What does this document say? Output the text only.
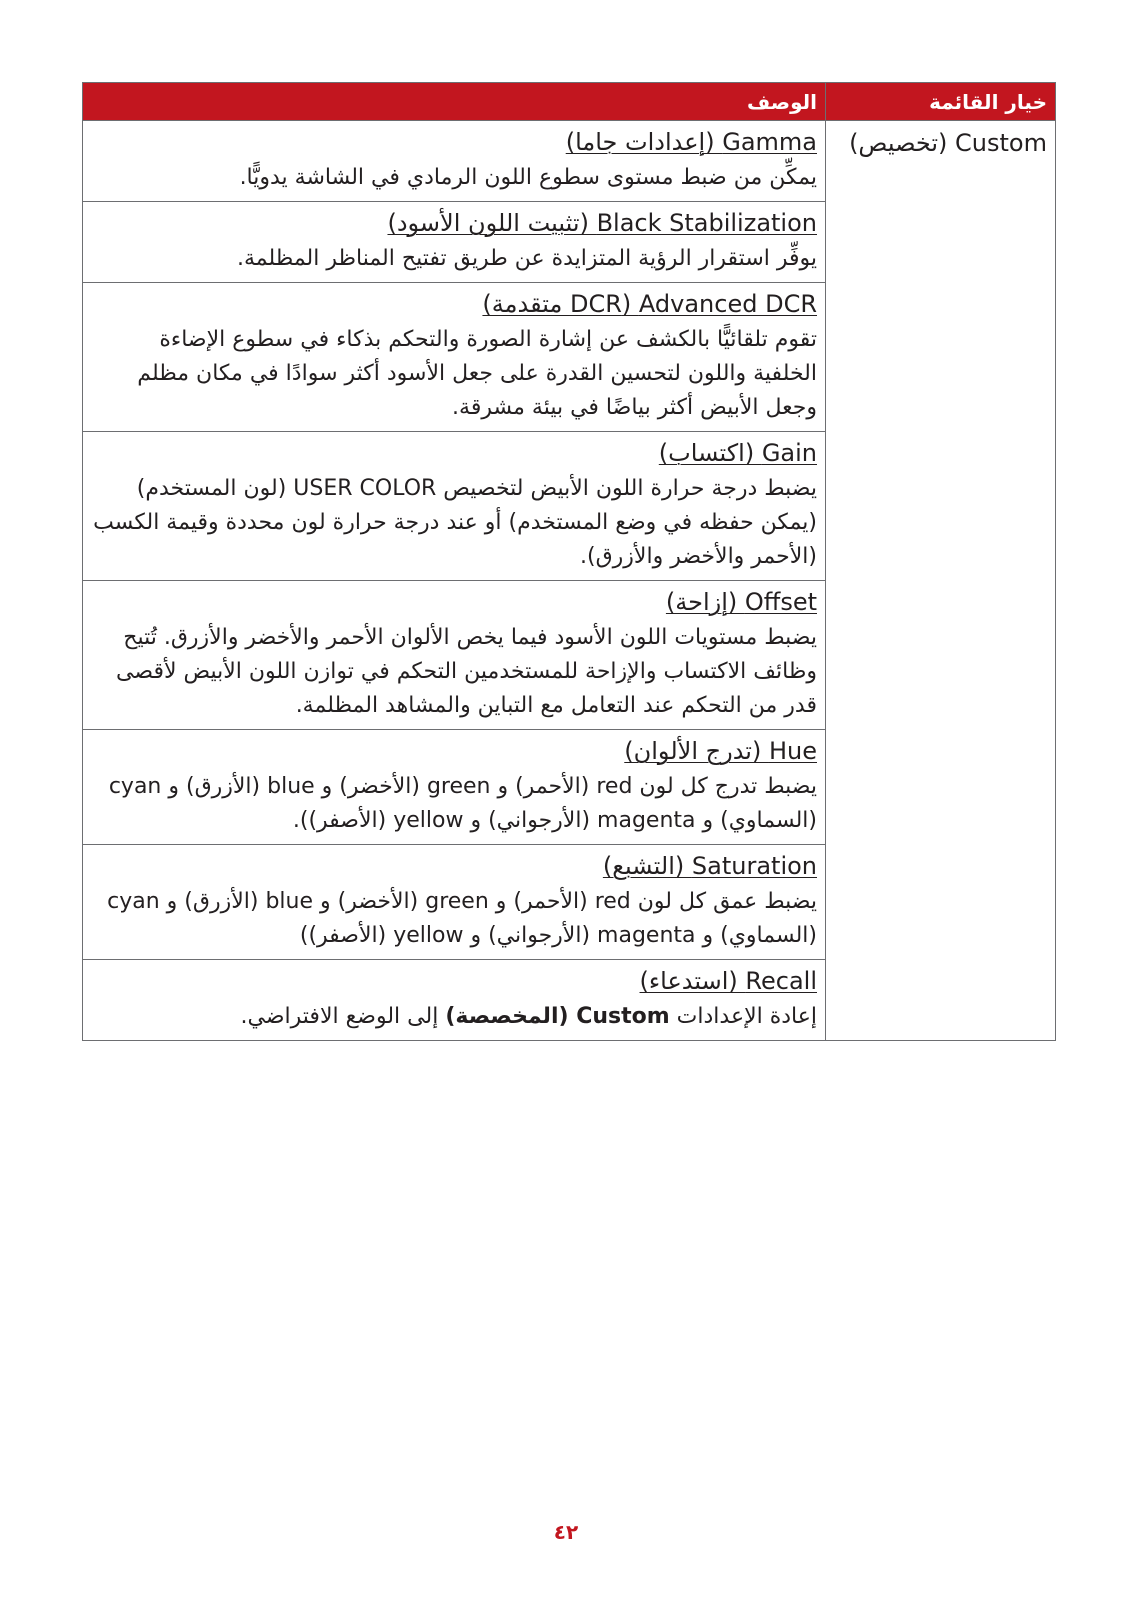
خيار القائمة
Custom (تخصيص)
الوصف
Gamma (إعدادات جاما)
يمكِّن من ضبط مستوى سطوع اللون الرمادي في الشاشة يدويًّا.
Black Stabilization (تثبيت اللون الأسود)
يوفِّر استقرار الرؤية المتزايدة عن طريق تفتيح المناظر المظلمة.
Advanced DCR (DCR متقدمة)
تقوم تلقائيًّا بالكشف عن إشارة الصورة والتحكم بذكاء في سطوع الإضاءة الخلفية واللون لتحسين القدرة على جعل الأسود أكثر سوادًا في مكان مظلم وجعل الأبيض أكثر بياضًا في بيئة مشرقة.
Gain (اكتساب)
يضبط درجة حرارة اللون الأبيض لتخصيص USER COLOR (لون المستخدم) (يمكن حفظه في وضع المستخدم) أو عند درجة حرارة لون محددة وقيمة الكسب (الأحمر والأخضر والأزرق).
Offset (إزاحة)
يضبط مستويات اللون الأسود فيما يخص الألوان الأحمر والأخضر والأزرق. تُتيح وظائف الاكتساب والإزاحة للمستخدمين التحكم في توازن اللون الأبيض لأقصى قدر من التحكم عند التعامل مع التباين والمشاهد المظلمة.
Hue (تدرج الألوان)
يضبط تدرج كل لون red (الأحمر) و green (الأخضر) و blue (الأزرق) و cyan (السماوي) و magenta (الأرجواني) و yellow (الأصفر)).
Saturation (التشبع)
يضبط عمق كل لون red (الأحمر) و green (الأخضر) و blue (الأزرق) و cyan (السماوي) و magenta (الأرجواني) و yellow (الأصفر))
Recall (استدعاء)
إعادة الإعدادات Custom (المخصصة) إلى الوضع الافتراضي.
٤٢
